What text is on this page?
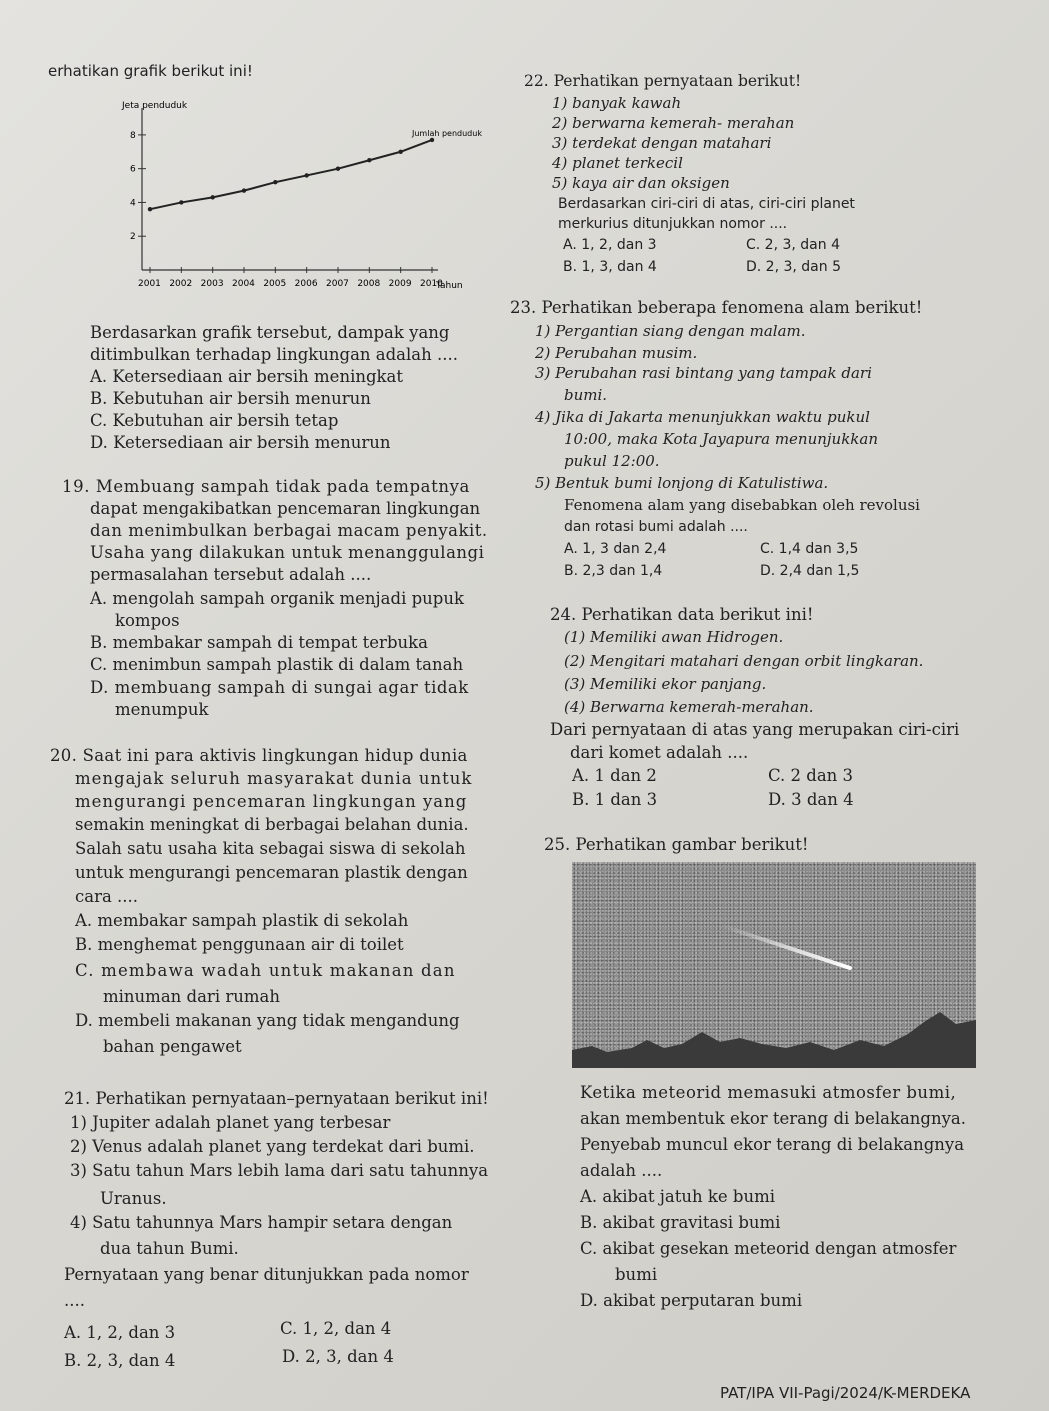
erhatikan grafik berikut ini!
Jeta penduduk
Tahun
Jumlah penduduk
2
4
6
8
2001 2002 2003 2004 2005 2006 2007 2008 2009 2010
Berdasarkan grafik tersebut, dampak yang
ditimbulkan terhadap lingkungan adalah ....
A. Ketersediaan air bersih meningkat
B. Kebutuhan air bersih menurun
C. Kebutuhan air bersih tetap
D. Ketersediaan air bersih menurun
19. Membuang sampah tidak pada tempatnya
dapat mengakibatkan pencemaran lingkungan
dan menimbulkan berbagai macam penyakit.
Usaha yang dilakukan untuk menanggulangi
permasalahan tersebut adalah ....
A. mengolah sampah organik menjadi pupuk
kompos
B. membakar sampah di tempat terbuka
C. menimbun sampah plastik di dalam tanah
D. membuang sampah di sungai agar tidak
menumpuk
20. Saat ini para aktivis lingkungan hidup dunia
mengajak seluruh masyarakat dunia untuk
mengurangi pencemaran lingkungan yang
semakin meningkat di berbagai belahan dunia.
Salah satu usaha kita sebagai siswa di sekolah
untuk mengurangi pencemaran plastik dengan
cara ....
A. membakar sampah plastik di sekolah
B. menghemat penggunaan air di toilet
C. membawa wadah untuk makanan dan
minuman dari rumah
D. membeli makanan yang tidak mengandung
bahan pengawet
21. Perhatikan pernyataan–pernyataan berikut ini!
1) Jupiter adalah planet yang terbesar
2) Venus adalah planet yang terdekat dari bumi.
3) Satu tahun Mars lebih lama dari satu tahunnya
Uranus.
4) Satu tahunnya Mars hampir setara dengan
dua tahun Bumi.
Pernyataan yang benar ditunjukkan pada nomor
....
A. 1, 2, dan 3	C. 1, 2, dan 4
B. 2, 3, dan 4	D. 2, 3, dan 4
22. Perhatikan pernyataan berikut!
1) banyak kawah
2) berwarna kemerah- merahan
3) terdekat dengan matahari
4) planet terkecil
5) kaya air dan oksigen
Berdasarkan ciri-ciri di atas, ciri-ciri planet
merkurius ditunjukkan nomor ....
A. 1, 2, dan 3	C. 2, 3, dan 4
B. 1, 3, dan 4	D. 2, 3, dan 5
23. Perhatikan beberapa fenomena alam berikut!
1) Pergantian siang dengan malam.
2) Perubahan musim.
3) Perubahan rasi bintang yang tampak dari
bumi.
4) Jika di Jakarta menunjukkan waktu pukul
10:00, maka Kota Jayapura menunjukkan
pukul 12:00.
5) Bentuk bumi lonjong di Katulistiwa.
Fenomena alam yang disebabkan oleh revolusi
dan rotasi bumi adalah ....
A. 1, 3 dan 2,4	C. 1,4 dan 3,5
B. 2,3 dan 1,4	D. 2,4 dan 1,5
24. Perhatikan data berikut ini!
(1) Memiliki awan Hidrogen.
(2) Mengitari matahari dengan orbit lingkaran.
(3) Memiliki ekor panjang.
(4) Berwarna kemerah-merahan.
Dari pernyataan di atas yang merupakan ciri-ciri
dari komet adalah ....
A. 1 dan 2	C. 2 dan 3
B. 1 dan 3	D. 3 dan 4
25. Perhatikan gambar berikut!
Ketika meteorid memasuki atmosfer bumi,
akan membentuk ekor terang di belakangnya.
Penyebab muncul ekor terang di belakangnya
adalah ....
A. akibat jatuh ke bumi
B. akibat gravitasi bumi
C. akibat gesekan meteorid dengan atmosfer
bumi
D. akibat perputaran bumi
PAT/IPA VII-Pagi/2024/K-MERDEKA
